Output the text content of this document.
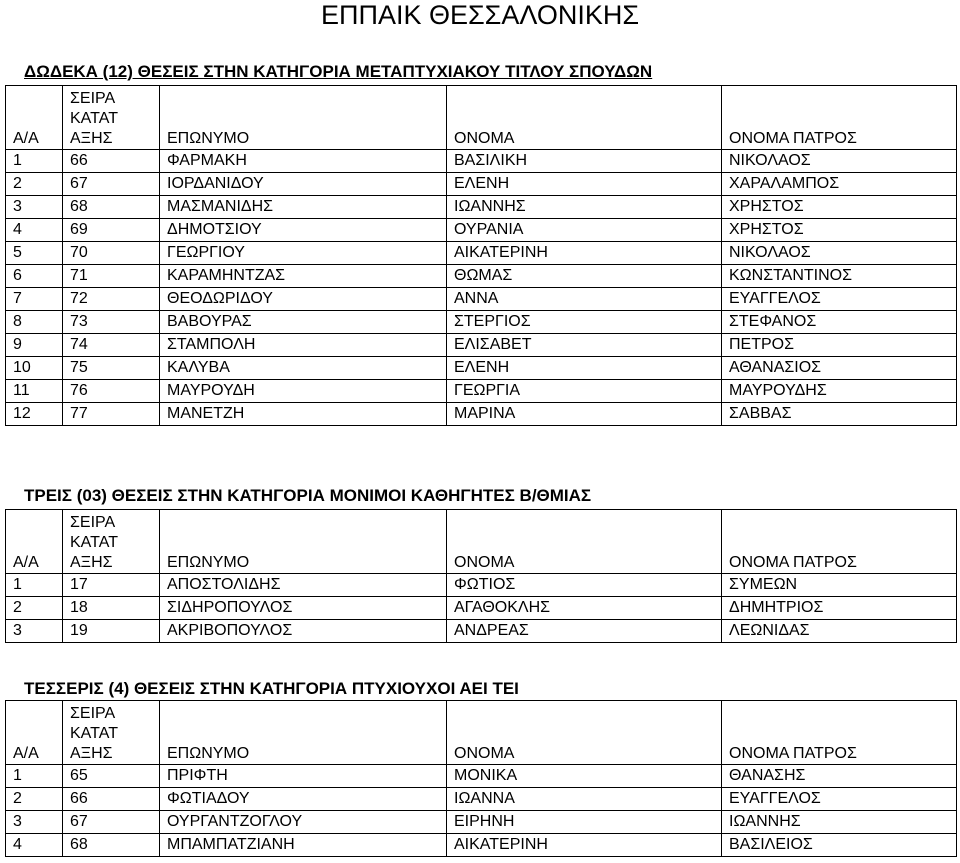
ΕΠΠΑΙΚ ΘΕΣΣΑΛΟΝΙΚΗΣ
ΔΩΔΕΚΑ (12) ΘΕΣΕΙΣ ΣΤΗΝ ΚΑΤΗΓΟΡΙΑ ΜΕΤΑΠΤΥΧΙΑΚΟΥ ΤΙΤΛΟΥ ΣΠΟΥΔΩΝ
Α/Α	ΣΕΙΡΑ
ΚΑΤΑΤ
ΑΞΗΣ	ΕΠΩΝΥΜΟ	ΟΝΟΜΑ	ΟΝΟΜΑ ΠΑΤΡΟΣ
1	66	ΦΑΡΜΑΚΗ	ΒΑΣΙΛΙΚΗ	ΝΙΚΟΛΑΟΣ
2	67	ΙΟΡΔΑΝΙΔΟΥ	ΕΛΕΝΗ	ΧΑΡΑΛΑΜΠΟΣ
3	68	ΜΑΣΜΑΝΙΔΗΣ	ΙΩΑΝΝΗΣ	ΧΡΗΣΤΟΣ
4	69	ΔΗΜΟΤΣΙΟΥ	ΟΥΡΑΝΙΑ	ΧΡΗΣΤΟΣ
5	70	ΓΕΩΡΓΙΟΥ	ΑΙΚΑΤΕΡΙΝΗ	ΝΙΚΟΛΑΟΣ
6	71	ΚΑΡΑΜΗΝΤΖΑΣ	ΘΩΜΑΣ	ΚΩΝΣΤΑΝΤΙΝΟΣ
7	72	ΘΕΟΔΩΡΙΔΟΥ	ΑΝΝΑ	ΕΥΑΓΓΕΛΟΣ
8	73	ΒΑΒΟΥΡΑΣ	ΣΤΕΡΓΙΟΣ	ΣΤΕΦΑΝΟΣ
9	74	ΣΤΑΜΠΟΛΗ	ΕΛΙΣΑΒΕΤ	ΠΕΤΡΟΣ
10	75	ΚΑΛΥΒΑ	ΕΛΕΝΗ	ΑΘΑΝΑΣΙΟΣ
11	76	ΜΑΥΡΟΥΔΗ	ΓΕΩΡΓΙΑ	ΜΑΥΡΟΥΔΗΣ
12	77	ΜΑΝΕΤΖΗ	ΜΑΡΙΝΑ	ΣΑΒΒΑΣ
ΤΡΕΙΣ (03) ΘΕΣΕΙΣ ΣΤΗΝ ΚΑΤΗΓΟΡΙΑ ΜΟΝΙΜΟΙ ΚΑΘΗΓΗΤΕΣ Β/ΘΜΙΑΣ
Α/Α	ΣΕΙΡΑ
ΚΑΤΑΤ
ΑΞΗΣ	ΕΠΩΝΥΜΟ	ΟΝΟΜΑ	ΟΝΟΜΑ ΠΑΤΡΟΣ
1	17	ΑΠΟΣΤΟΛΙΔΗΣ	ΦΩΤΙΟΣ	ΣΥΜΕΩΝ
2	18	ΣΙΔΗΡΟΠΟΥΛΟΣ	ΑΓΑΘΟΚΛΗΣ	ΔΗΜΗΤΡΙΟΣ
3	19	ΑΚΡΙΒΟΠΟΥΛΟΣ	ΑΝΔΡΕΑΣ	ΛΕΩΝΙΔΑΣ
ΤΕΣΣΕΡΙΣ (4) ΘΕΣΕΙΣ ΣΤΗΝ ΚΑΤΗΓΟΡΙΑ ΠΤΥΧΙΟΥΧΟΙ ΑΕΙ ΤΕΙ
Α/Α	ΣΕΙΡΑ
ΚΑΤΑΤ
ΑΞΗΣ	ΕΠΩΝΥΜΟ	ΟΝΟΜΑ	ΟΝΟΜΑ ΠΑΤΡΟΣ
1	65	ΠΡΙΦΤΗ	ΜΟΝΙΚΑ	ΘΑΝΑΣΗΣ
2	66	ΦΩΤΙΑΔΟΥ	ΙΩΑΝΝΑ	ΕΥΑΓΓΕΛΟΣ
3	67	ΟΥΡΓΑΝΤΖΟΓΛΟΥ	ΕΙΡΗΝΗ	ΙΩΑΝΝΗΣ
4	68	ΜΠΑΜΠΑΤΖΙΑΝΗ	ΑΙΚΑΤΕΡΙΝΗ	ΒΑΣΙΛΕΙΟΣ
